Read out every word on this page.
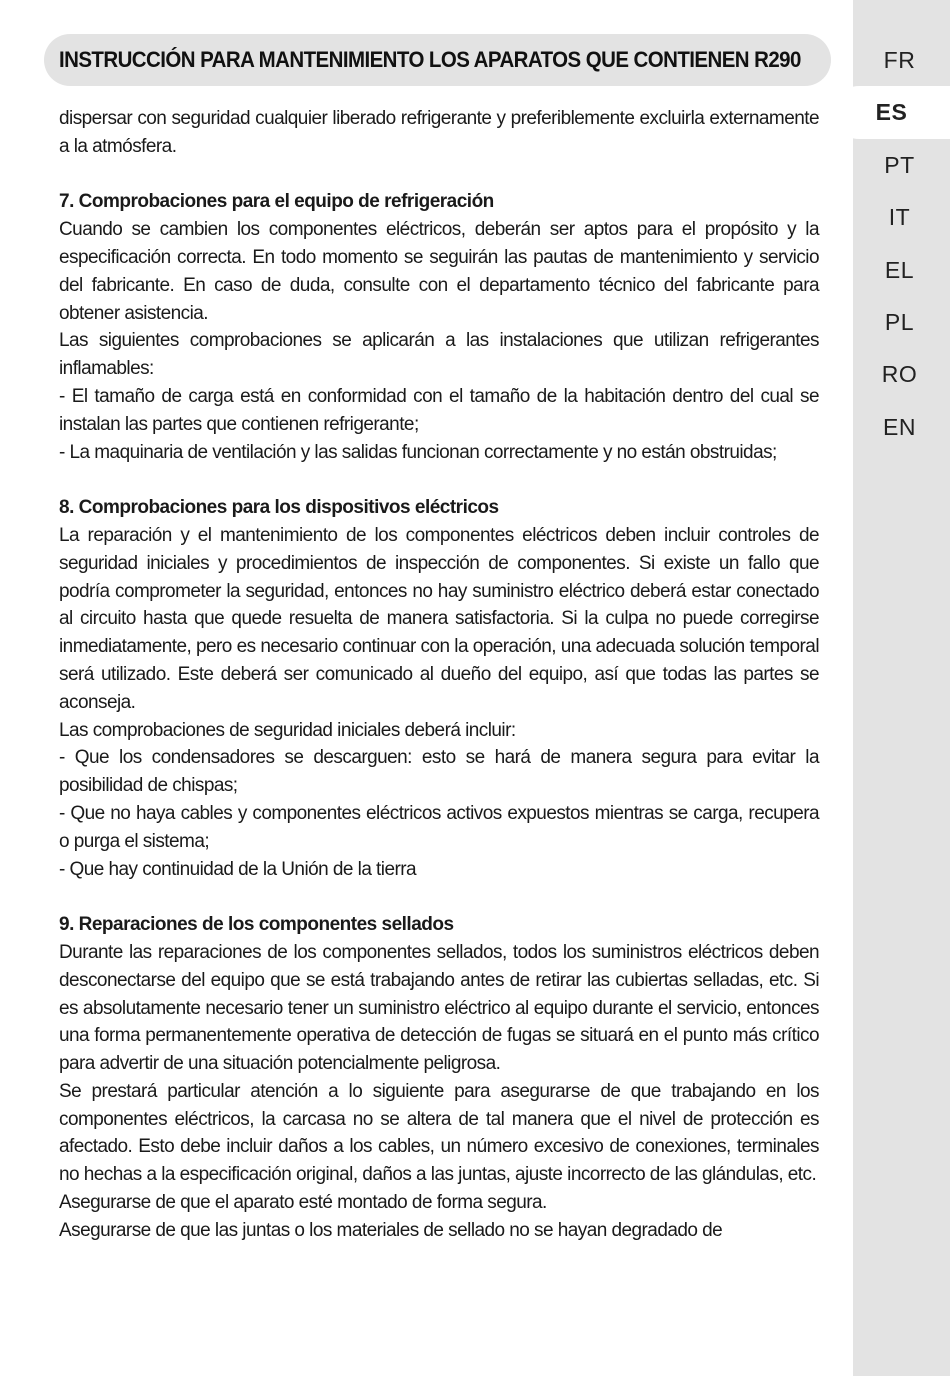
FR
ES
PT
IT
EL
PL
RO
EN
INSTRUCCIÓN PARA MANTENIMIENTO LOS APARATOS QUE CONTIENEN R290

dispersar con seguridad cualquier liberado refrigerante y preferiblemente excluirla externamente a la atmósfera.

7. Comprobaciones para el equipo de refrigeración

Cuando se cambien los componentes eléctricos, deberán ser aptos para el propósito y la especificación correcta. En todo momento se seguirán las pautas de mantenimiento y servicio del fabricante. En caso de duda, consulte con el departamento técnico del fabricante para obtener asistencia.

Las siguientes comprobaciones se aplicarán a las instalaciones que utilizan refrigerantes inflamables:

- El tamaño de carga está en conformidad con el tamaño de la habitación dentro del cual se instalan las partes que contienen refrigerante;

- La maquinaria de ventilación y las salidas funcionan correctamente y no están obstruidas;

8. Comprobaciones para los dispositivos eléctricos

La reparación y el mantenimiento de los componentes eléctricos deben incluir controles de seguridad iniciales y procedimientos de inspección de componentes. Si existe un fallo que podría comprometer la seguridad, entonces no hay suministro eléctrico deberá estar conectado al circuito hasta que quede resuelta de manera satisfactoria. Si la culpa no puede corregirse inmediatamente, pero es necesario continuar con la operación, una adecuada solución temporal será utilizado. Este deberá ser comunicado al dueño del equipo, así que todas las partes se aconseja.

Las comprobaciones de seguridad iniciales deberá incluir:

- Que los condensadores se descarguen: esto se hará de manera segura para evitar la posibilidad de chispas;

- Que no haya cables y componentes eléctricos activos expuestos mientras se carga, recupera o purga el sistema;

- Que hay continuidad de la Unión de la tierra

9. Reparaciones de los componentes sellados

Durante las reparaciones de los componentes sellados, todos los suministros eléctricos deben desconectarse del equipo que se está trabajando antes de retirar las cubiertas selladas, etc. Si es absolutamente necesario tener un suministro eléctrico al equipo durante el servicio, entonces una forma permanentemente operativa de detección de fugas se situará en el punto más crítico para advertir de una situación potencialmente peligrosa.

Se prestará particular atención a lo siguiente para asegurarse de que trabajando en los componentes eléctricos, la carcasa no se altera de tal manera que el nivel de protección es afectado. Esto debe incluir daños a los cables, un número excesivo de conexiones, terminales no hechas a la especificación original, daños a las juntas, ajuste incorrecto de las glándulas, etc.

Asegurarse de que el aparato esté montado de forma segura.

Asegurarse de que las juntas o los materiales de sellado no se hayan degradado de
